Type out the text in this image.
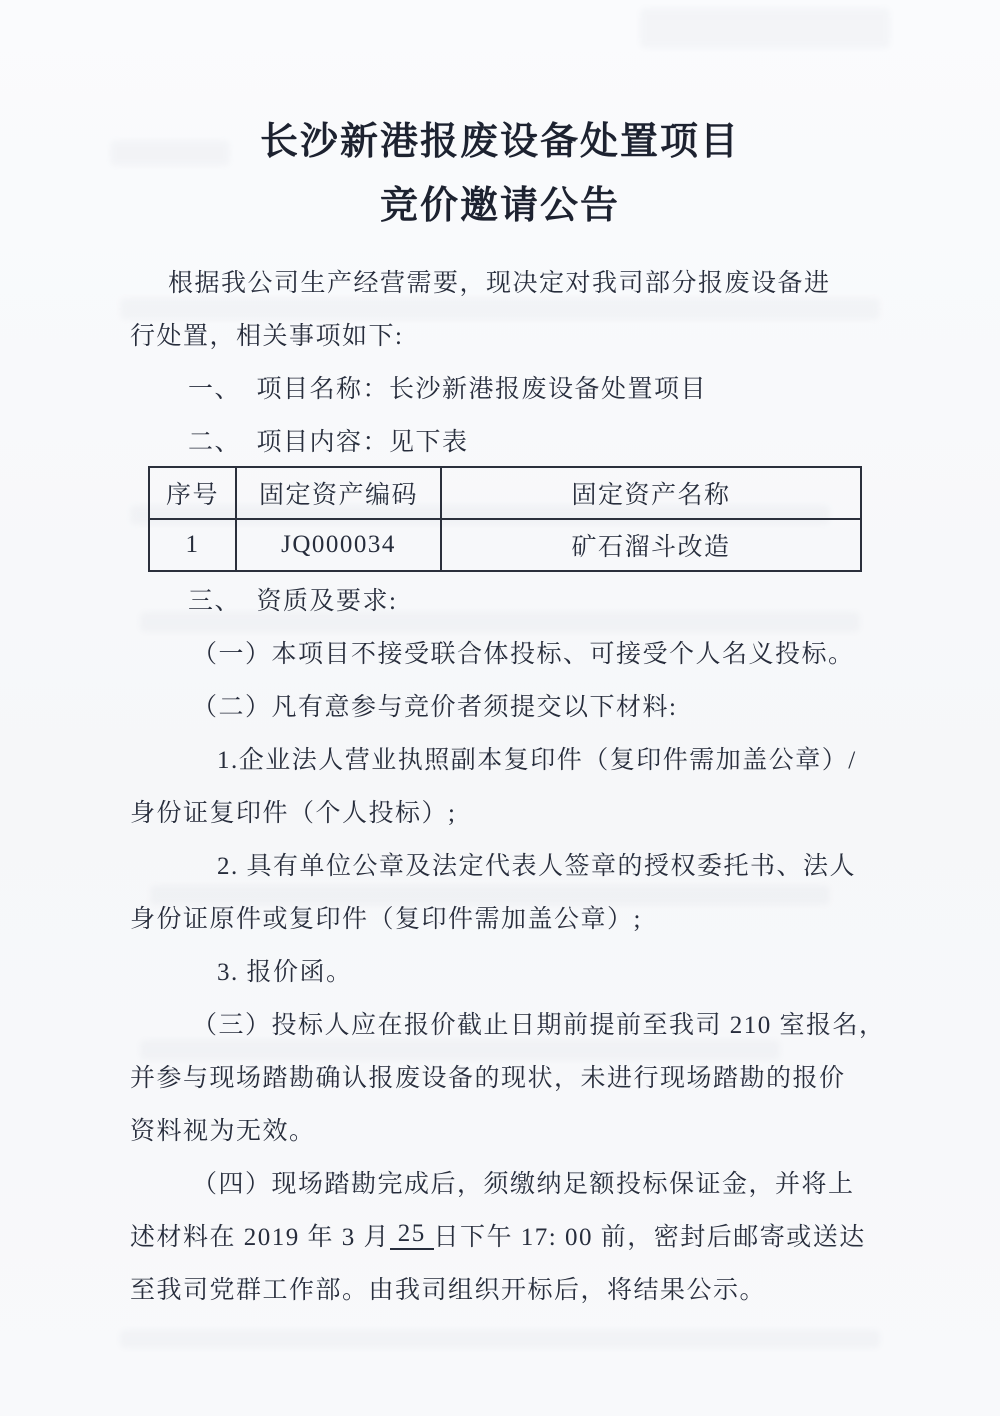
长沙新港报废设备处置项目
竞价邀请公告
根据我公司生产经营需要，现决定对我司部分报废设备进
行处置，相关事项如下:
一、  项目名称：长沙新港报废设备处置项目
二、  项目内容：见下表
序号	固定资产编码	固定资产名称
1	JQ000034	矿石溜斗改造
三、  资质及要求:
（一）本项目不接受联合体投标、可接受个人名义投标。
（二）凡有意参与竞价者须提交以下材料:
1.企业法人营业执照副本复印件（复印件需加盖公章）/
身份证复印件（个人投标）;
2. 具有单位公章及法定代表人签章的授权委托书、法人
身份证原件或复印件（复印件需加盖公章）;
3. 报价函。
（三）投标人应在报价截止日期前提前至我司 210 室报名，
并参与现场踏勘确认报废设备的现状，未进行现场踏勘的报价
资料视为无效。
（四）现场踏勘完成后，须缴纳足额投标保证金，并将上
述材料在 2019 年 3 月 25 日下午 17: 00 前，密封后邮寄或送达
至我司党群工作部。由我司组织开标后，将结果公示。
